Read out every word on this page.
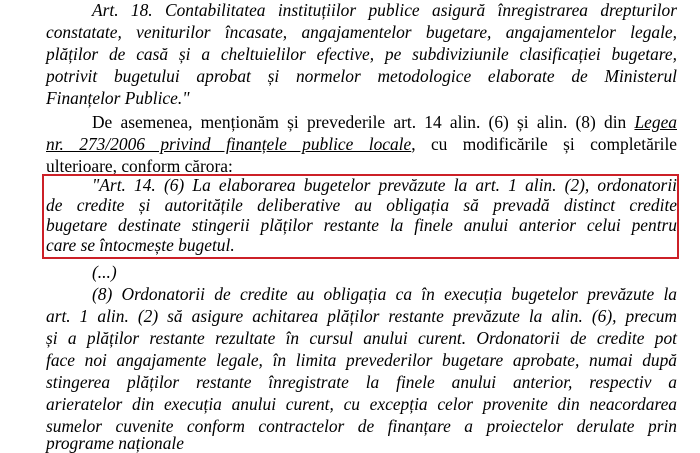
Art. 18. Contabilitatea instituțiilor publice asigură înregistrarea drepturilor
constatate, veniturilor încasate, angajamentelor bugetare, angajamentelor legale,
plăților de casă și a cheltuielilor efective, pe subdiviziunile clasificației bugetare,
potrivit bugetului aprobat și normelor metodologice elaborate de Ministerul
Finanțelor Publice."
De asemenea, menționăm și prevederile art. 14 alin. (6) și alin. (8) din Legea
nr. 273/2006 privind finanțele publice locale, cu modificările și completările
ulterioare, conform cărora:
"Art. 14. (6) La elaborarea bugetelor prevăzute la art. 1 alin. (2), ordonatorii
de credite și autoritățile deliberative au obligația să prevadă distinct credite
bugetare destinate stingerii plăților restante la finele anului anterior celui pentru
care se întocmește bugetul.
(...)
(8) Ordonatorii de credite au obligația ca în execuția bugetelor prevăzute la
art. 1 alin. (2) să asigure achitarea plăților restante prevăzute la alin. (6), precum
și a plăților restante rezultate în cursul anului curent. Ordonatorii de credite pot
face noi angajamente legale, în limita prevederilor bugetare aprobate, numai după
stingerea plăților restante înregistrate la finele anului anterior, respectiv a
arieratelor din execuția anului curent, cu excepția celor provenite din neacordarea
sumelor cuvenite conform contractelor de finanțare a proiectelor derulate prin
programe naționale
